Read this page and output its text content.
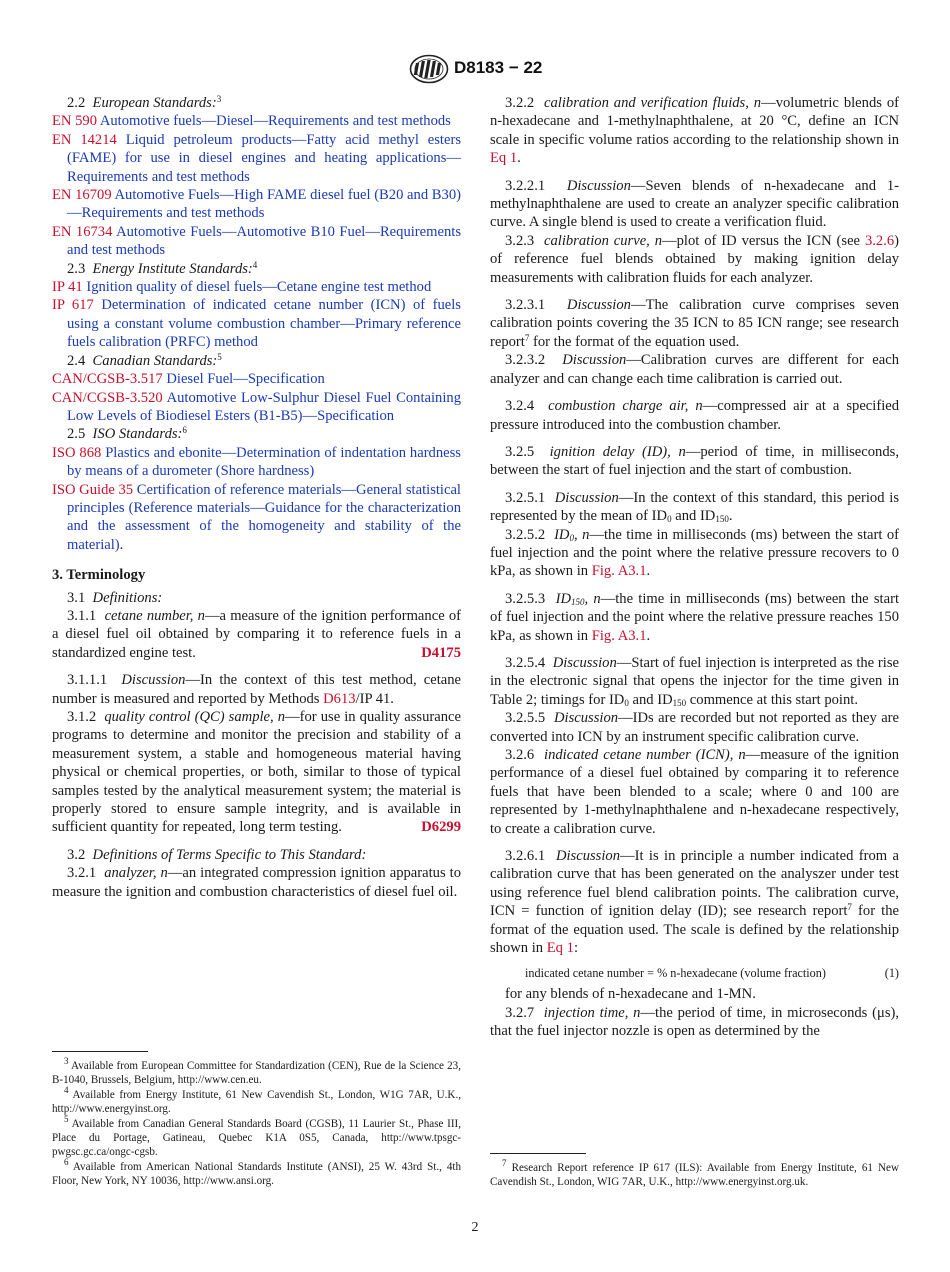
D8183 − 22

2.2 European Standards:$^3$

EN 590 Automotive fuels—Diesel—Requirements and test methods

EN 14214 Liquid petroleum products—Fatty acid methyl esters (FAME) for use in diesel engines and heating applications—Requirements and test methods

EN 16709 Automotive Fuels—High FAME diesel fuel (B20 and B30)—Requirements and test methods

EN 16734 Automotive Fuels—Automotive B10 Fuel—Requirements and test methods

2.3 Energy Institute Standards:$^4$

IP 41 Ignition quality of diesel fuels—Cetane engine test method

IP 617 Determination of indicated cetane number (ICN) of fuels using a constant volume combustion chamber—Primary reference fuels calibration (PRFC) method

2.4 Canadian Standards:$^5$

CAN/CGSB-3.517 Diesel Fuel—Specification

CAN/CGSB-3.520 Automotive Low-Sulphur Diesel Fuel Containing Low Levels of Biodiesel Esters (B1-B5)—Specification

2.5 ISO Standards:$^6$

ISO 868 Plastics and ebonite—Determination of indentation hardness by means of a durometer (Shore hardness)

ISO Guide 35 Certification of reference materials—General statistical principles (Reference materials—Guidance for the characterization and the assessment of the homogeneity and stability of the material).

3. Terminology

3.1 Definitions:

3.1.1 cetane number, n—a measure of the ignition performance of a diesel fuel oil obtained by comparing it to reference fuels in a standardized engine test.	D4175

3.1.1.1 Discussion—In the context of this test method, cetane number is measured and reported by Methods D613/IP 41.

3.1.2 quality control (QC) sample, n—for use in quality assurance programs to determine and monitor the precision and stability of a measurement system, a stable and homogeneous material having physical or chemical properties, or both, similar to those of typical samples tested by the analytical measurement system; the material is properly stored to ensure sample integrity, and is available in sufficient quantity for repeated, long term testing.	D6299

3.2 Definitions of Terms Specific to This Standard:

3.2.1 analyzer, n—an integrated compression ignition apparatus to measure the ignition and combustion characteristics of diesel fuel oil.

3.2.2 calibration and verification fluids, n—volumetric blends of n-hexadecane and 1-methylnaphthalene, at 20 °C, define an ICN scale in specific volume ratios according to the relationship shown in Eq 1.

3.2.2.1 Discussion—Seven blends of n-hexadecane and 1-methylnaphthalene are used to create an analyzer specific calibration curve. A single blend is used to create a verification fluid.

3.2.3 calibration curve, n—plot of ID versus the ICN (see 3.2.6) of reference fuel blends obtained by making ignition delay measurements with calibration fluids for each analyzer.

3.2.3.1 Discussion—The calibration curve comprises seven calibration points covering the 35 ICN to 85 ICN range; see research report$^7$ for the format of the equation used.

3.2.3.2 Discussion—Calibration curves are different for each analyzer and can change each time calibration is carried out.

3.2.4 combustion charge air, n—compressed air at a specified pressure introduced into the combustion chamber.

3.2.5 ignition delay (ID), n—period of time, in milliseconds, between the start of fuel injection and the start of combustion.

3.2.5.1 Discussion—In the context of this standard, this period is represented by the mean of $ID_0$ and $ID_{150}$.

3.2.5.2 $ID_0$, n—the time in milliseconds (ms) between the start of fuel injection and the point where the relative pressure recovers to 0 kPa, as shown in Fig. A3.1.

3.2.5.3 $ID_{150}$, n—the time in milliseconds (ms) between the start of fuel injection and the point where the relative pressure reaches 150 kPa, as shown in Fig. A3.1.

3.2.5.4 Discussion—Start of fuel injection is interpreted as the rise in the electronic signal that opens the injector for the time given in Table 2; timings for $ID_0$ and $ID_{150}$ commence at this start point.

3.2.5.5 Discussion—IDs are recorded but not reported as they are converted into ICN by an instrument specific calibration curve.

3.2.6 indicated cetane number (ICN), n—measure of the ignition performance of a diesel fuel obtained by comparing it to reference fuels that have been blended to a scale; where 0 and 100 are represented by 1-methylnaphthalene and n-hexadecane respectively, to create a calibration curve.

3.2.6.1 Discussion—It is in principle a number indicated from a calibration curve that has been generated on the analyszer under test using reference fuel blend calibration points. The calibration curve, ICN = function of ignition delay (ID); see research report$^7$ for the format of the equation used. The scale is defined by the relationship shown in Eq 1:

indicated cetane number = % n-hexadecane (volume fraction)	(1)

for any blends of n-hexadecane and 1-MN.

3.2.7 injection time, n—the period of time, in microseconds (μs), that the fuel injector nozzle is open as determined by the

$^3$ Available from European Committee for Standardization (CEN), Rue de la Science 23, B-1040, Brussels, Belgium, http://www.cen.eu.

$^4$ Available from Energy Institute, 61 New Cavendish St., London, W1G 7AR, U.K., http://www.energyinst.org.

$^5$ Available from Canadian General Standards Board (CGSB), 11 Laurier St., Phase III, Place du Portage, Gatineau, Quebec K1A 0S5, Canada, http://www.tpsgc-pwgsc.gc.ca/ongc-cgsb.

$^6$ Available from American National Standards Institute (ANSI), 25 W. 43rd St., 4th Floor, New York, NY 10036, http://www.ansi.org.

$^7$ Research Report reference IP 617 (ILS): Available from Energy Institute, 61 New Cavendish St., London, WIG 7AR, U.K., http://www.energyinst.org.uk.

2
